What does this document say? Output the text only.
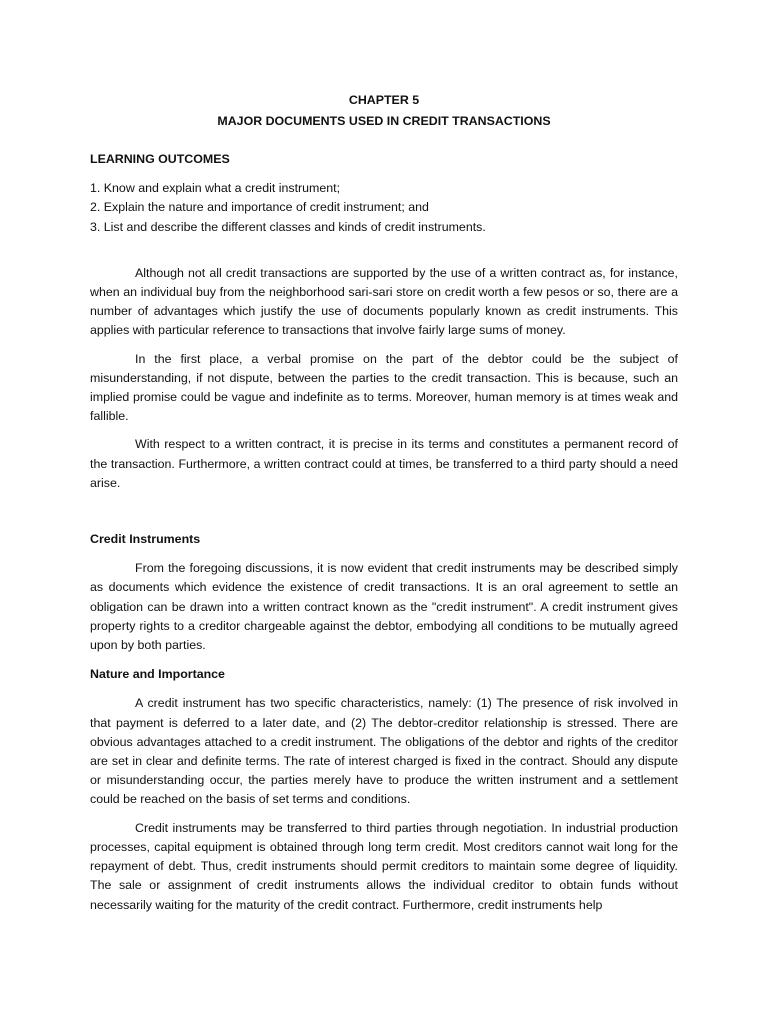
CHAPTER 5
MAJOR DOCUMENTS USED IN CREDIT TRANSACTIONS
LEARNING OUTCOMES
1. Know and explain what a credit instrument;
2. Explain the nature and importance of credit instrument; and
3. List and describe the different classes and kinds of credit instruments.

Although not all credit transactions are supported by the use of a written contract as, for instance, when an individual buy from the neighborhood sari-sari store on credit worth a few pesos or so, there are a number of advantages which justify the use of documents popularly known as credit instruments. This applies with particular reference to transactions that involve fairly large sums of money.

In the first place, a verbal promise on the part of the debtor could be the subject of misunderstanding, if not dispute, between the parties to the credit transaction. This is because, such an implied promise could be vague and indefinite as to terms. Moreover, human memory is at times weak and fallible.

With respect to a written contract, it is precise in its terms and constitutes a permanent record of the transaction. Furthermore, a written contract could at times, be transferred to a third party should a need arise.

Credit Instruments

From the foregoing discussions, it is now evident that credit instruments may be described simply as documents which evidence the existence of credit transactions. It is an oral agreement to settle an obligation can be drawn into a written contract known as the "credit instrument". A credit instrument gives property rights to a creditor chargeable against the debtor, embodying all conditions to be mutually agreed upon by both parties.

Nature and Importance

A credit instrument has two specific characteristics, namely: (1) The presence of risk involved in that payment is deferred to a later date, and (2) The debtor-creditor relationship is stressed. There are obvious advantages attached to a credit instrument. The obligations of the debtor and rights of the creditor are set in clear and definite terms. The rate of interest charged is fixed in the contract. Should any dispute or misunderstanding occur, the parties merely have to produce the written instrument and a settlement could be reached on the basis of set terms and conditions.

Credit instruments may be transferred to third parties through negotiation. In industrial production processes, capital equipment is obtained through long term credit. Most creditors cannot wait long for the repayment of debt. Thus, credit instruments should permit creditors to maintain some degree of liquidity. The sale or assignment of credit instruments allows the individual creditor to obtain funds without necessarily waiting for the maturity of the credit contract. Furthermore, credit instruments help
